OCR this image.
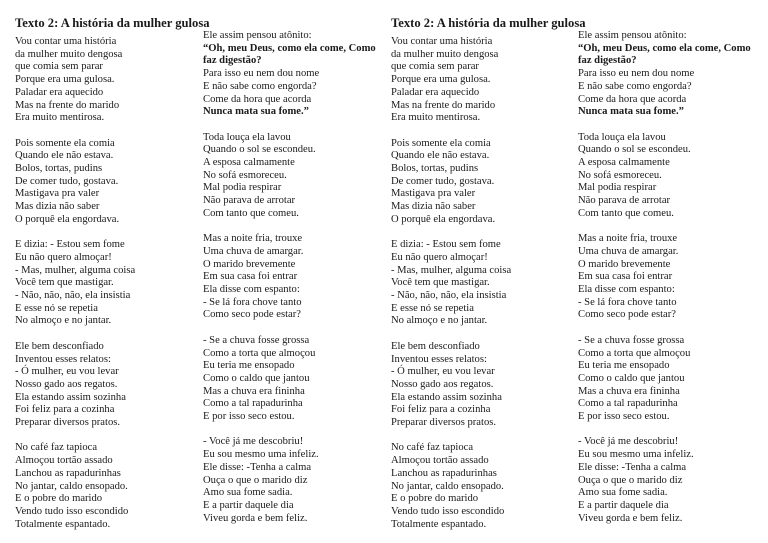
Texto 2: A história da mulher gulosa
Vou contar uma história
da mulher muito dengosa
que comia sem parar
Porque era uma gulosa.
Paladar era aquecido
Mas na frente do marido
Era muito mentirosa.
Pois somente ela comia
Quando ele não estava.
Bolos, tortas, pudins
De comer tudo, gostava.
Mastigava pra valer
Mas dizia não saber
O porquê ela engordava.
E dizia: - Estou sem fome
Eu não quero almoçar!
- Mas, mulher, alguma coisa
Você tem que mastigar.
- Não, não, não, ela insistia
E esse nó se repetia
No almoço e no jantar.
Ele bem desconfiado
Inventou esses relatos:
- Ó mulher, eu vou levar
Nosso gado aos regatos.
Ela estando assim sozinha
Foi feliz para a cozinha
Preparar diversos pratos.
No café faz tapioca
Almoçou tortão assado
Lanchou as rapadurinhas
No jantar, caldo ensopado.
E o pobre do marido
Vendo tudo isso escondido
Totalmente espantado.
Ele assim pensou atônito:
“Oh, meu Deus, como ela come, Como faz digestão?
Para isso eu nem dou nome
E não sabe como engorda?
Come da hora que acorda
Nunca mata sua fome.”
Toda louça ela lavou
Quando o sol se escondeu.
A esposa calmamente
No sofá esmoreceu.
Mal podia respirar
Não parava de arrotar
Com tanto que comeu.
Mas a noite fria, trouxe
Uma chuva de amargar.
O marido brevemente
Em sua casa foi entrar
Ela disse com espanto:
- Se lá fora chove tanto
Como seco pode estar?
- Se a chuva fosse grossa
Como a torta que almoçou
Eu teria me ensopado
Como o caldo que jantou
Mas a chuva era fininha
Como a tal rapadurinha
E por isso seco estou.
- Você já me descobriu!
Eu sou mesmo uma infeliz.
Ele disse: -Tenha a calma
Ouça o que o marido diz
Amo sua fome sadia.
E a partir daquele dia
Viveu gorda e bem feliz.
Texto 2: A história da mulher gulosa
Vou contar uma história
da mulher muito dengosa
que comia sem parar
Porque era uma gulosa.
Paladar era aquecido
Mas na frente do marido
Era muito mentirosa.
Pois somente ela comia
Quando ele não estava.
Bolos, tortas, pudins
De comer tudo, gostava.
Mastigava pra valer
Mas dizia não saber
O porquê ela engordava.
E dizia: - Estou sem fome
Eu não quero almoçar!
- Mas, mulher, alguma coisa
Você tem que mastigar.
- Não, não, não, ela insistia
E esse nó se repetia
No almoço e no jantar.
Ele bem desconfiado
Inventou esses relatos:
- Ó mulher, eu vou levar
Nosso gado aos regatos.
Ela estando assim sozinha
Foi feliz para a cozinha
Preparar diversos pratos.
No café faz tapioca
Almoçou tortão assado
Lanchou as rapadurinhas
No jantar, caldo ensopado.
E o pobre do marido
Vendo tudo isso escondido
Totalmente espantado.
Ele assim pensou atônito:
“Oh, meu Deus, como ela come, Como faz digestão?
Para isso eu nem dou nome
E não sabe como engorda?
Come da hora que acorda
Nunca mata sua fome.”
Toda louça ela lavou
Quando o sol se escondeu.
A esposa calmamente
No sofá esmoreceu.
Mal podia respirar
Não parava de arrotar
Com tanto que comeu.
Mas a noite fria, trouxe
Uma chuva de amargar.
O marido brevemente
Em sua casa foi entrar
Ela disse com espanto:
- Se lá fora chove tanto
Como seco pode estar?
- Se a chuva fosse grossa
Como a torta que almoçou
Eu teria me ensopado
Como o caldo que jantou
Mas a chuva era fininha
Como a tal rapadurinha
E por isso seco estou.
- Você já me descobriu!
Eu sou mesmo uma infeliz.
Ele disse: -Tenha a calma
Ouça o que o marido diz
Amo sua fome sadia.
E a partir daquele dia
Viveu gorda e bem feliz.
